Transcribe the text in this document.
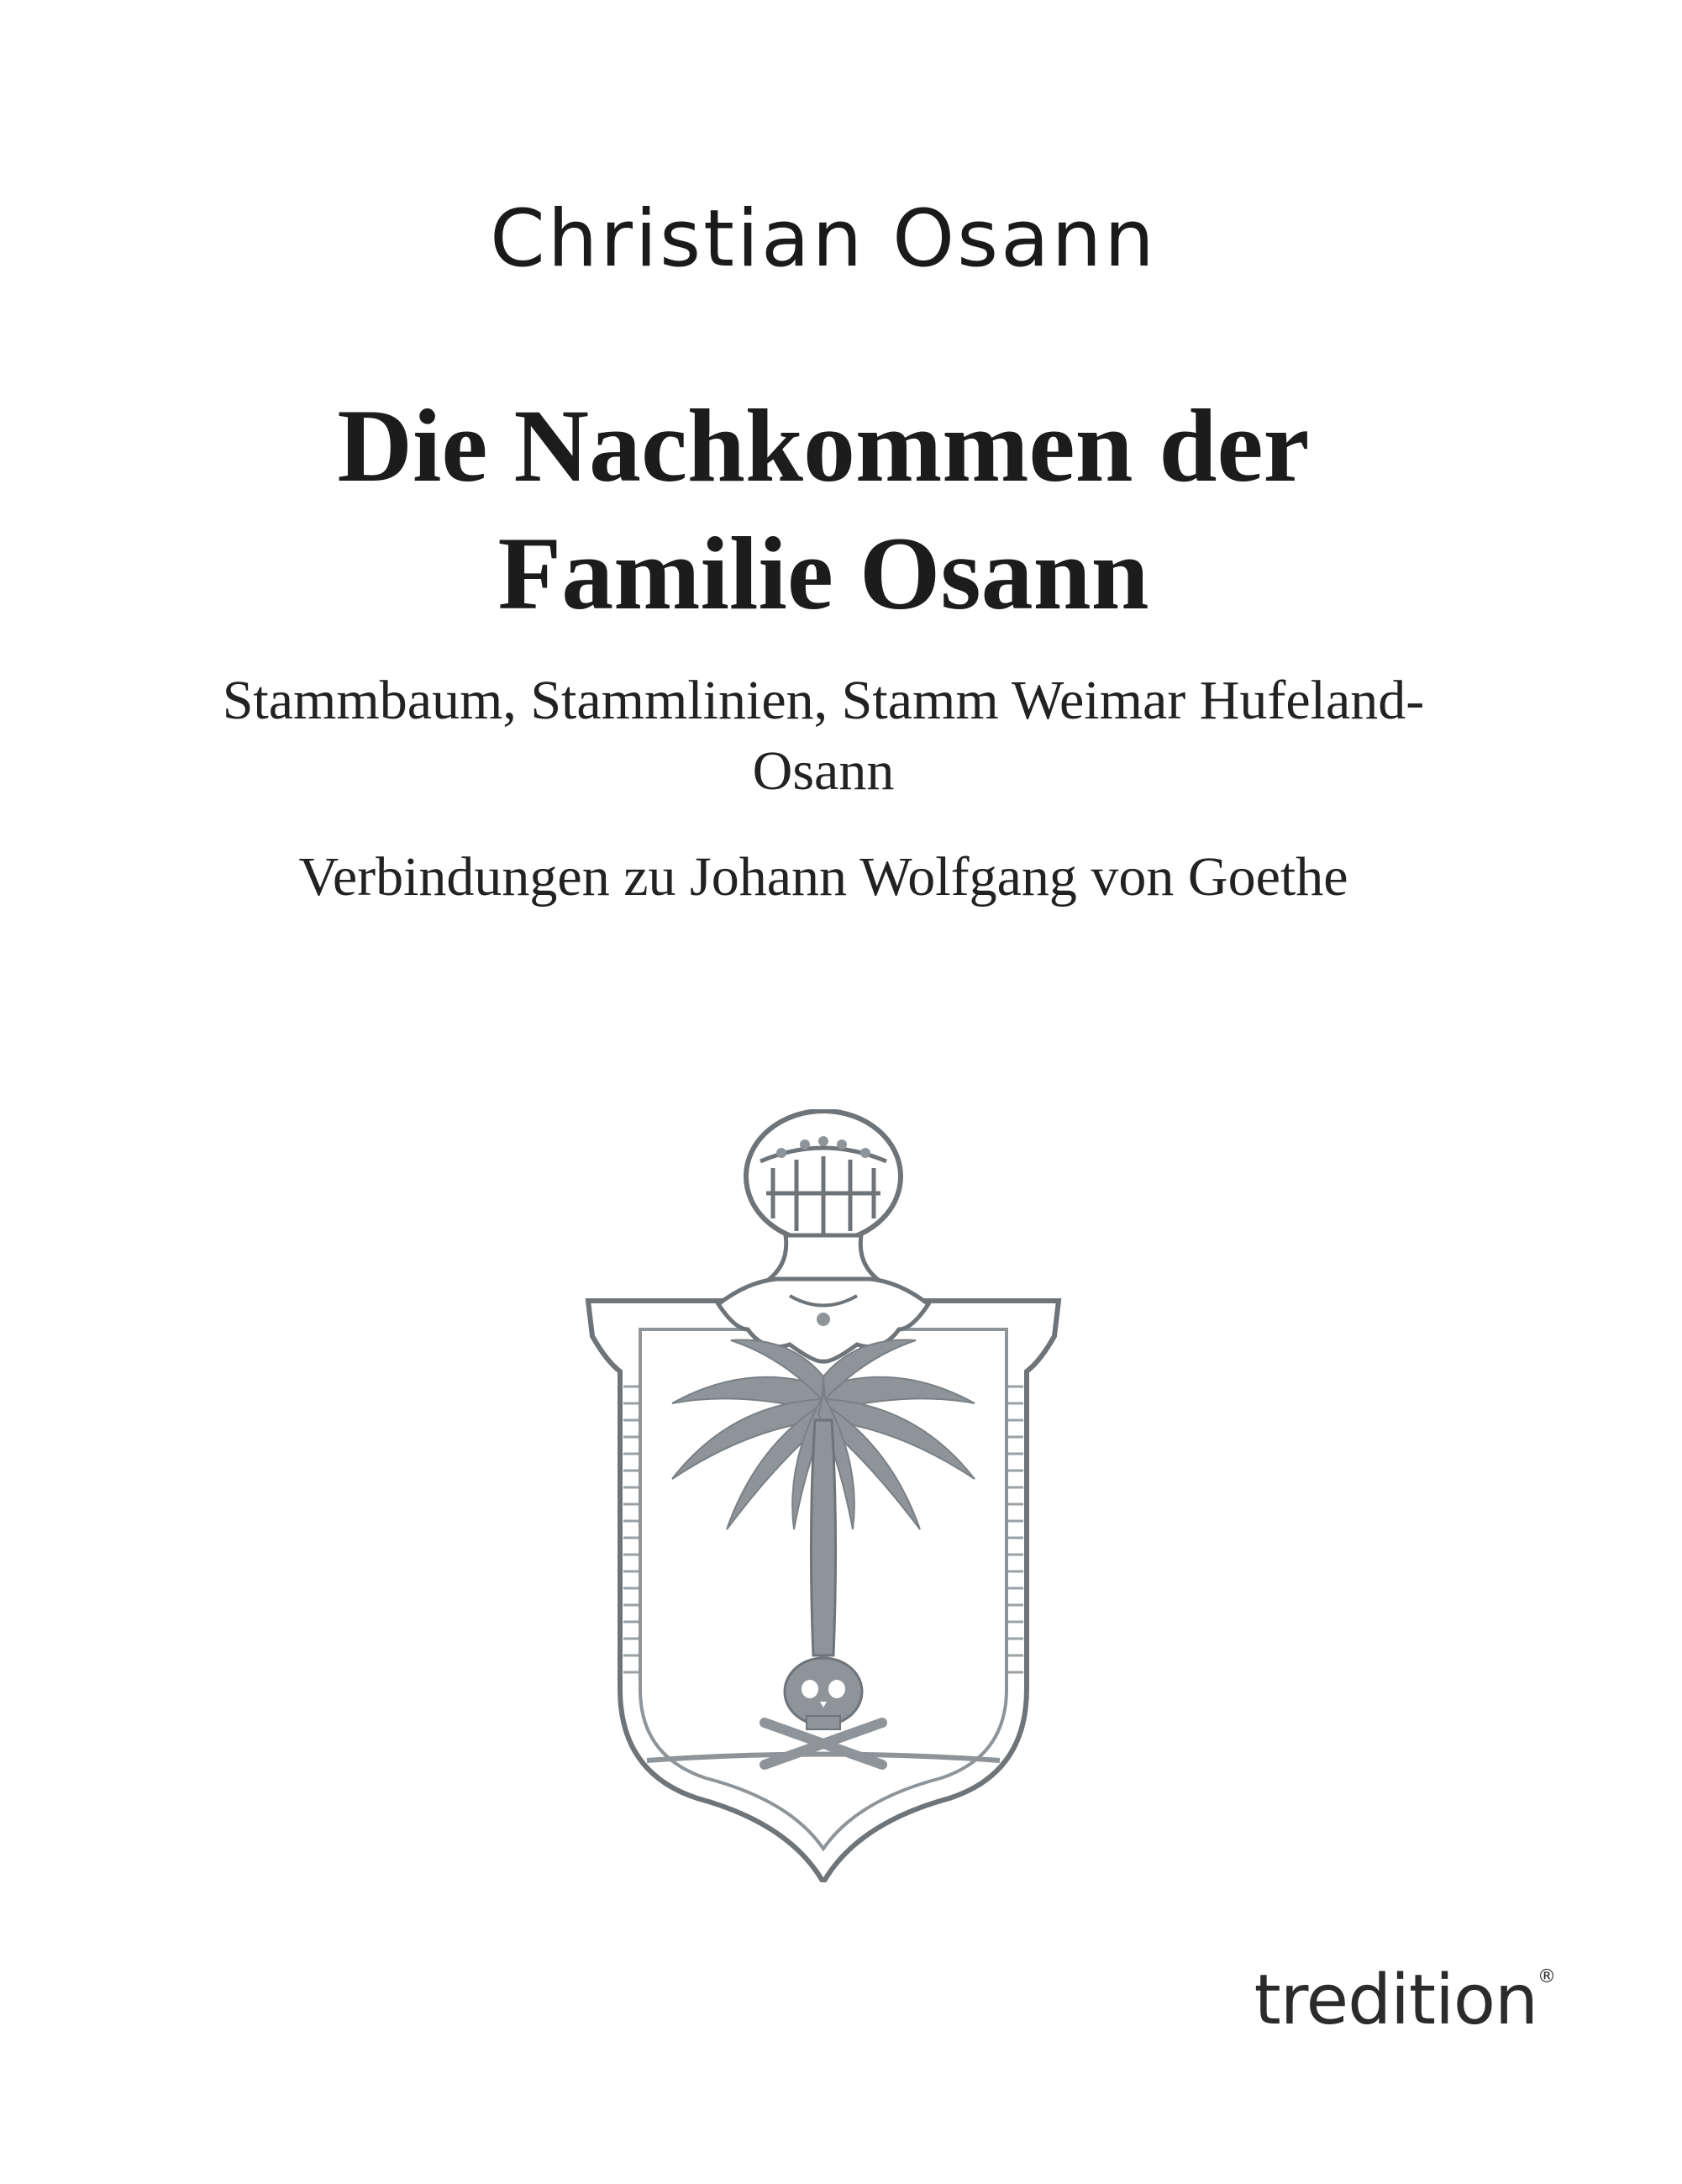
Christian Osann
Die Nachkommen der
Familie Osann
Stammbaum, Stammlinien, Stamm Weimar Hufeland-
Osann
Verbindungen zu Johann Wolfgang von Goethe
tredition®
